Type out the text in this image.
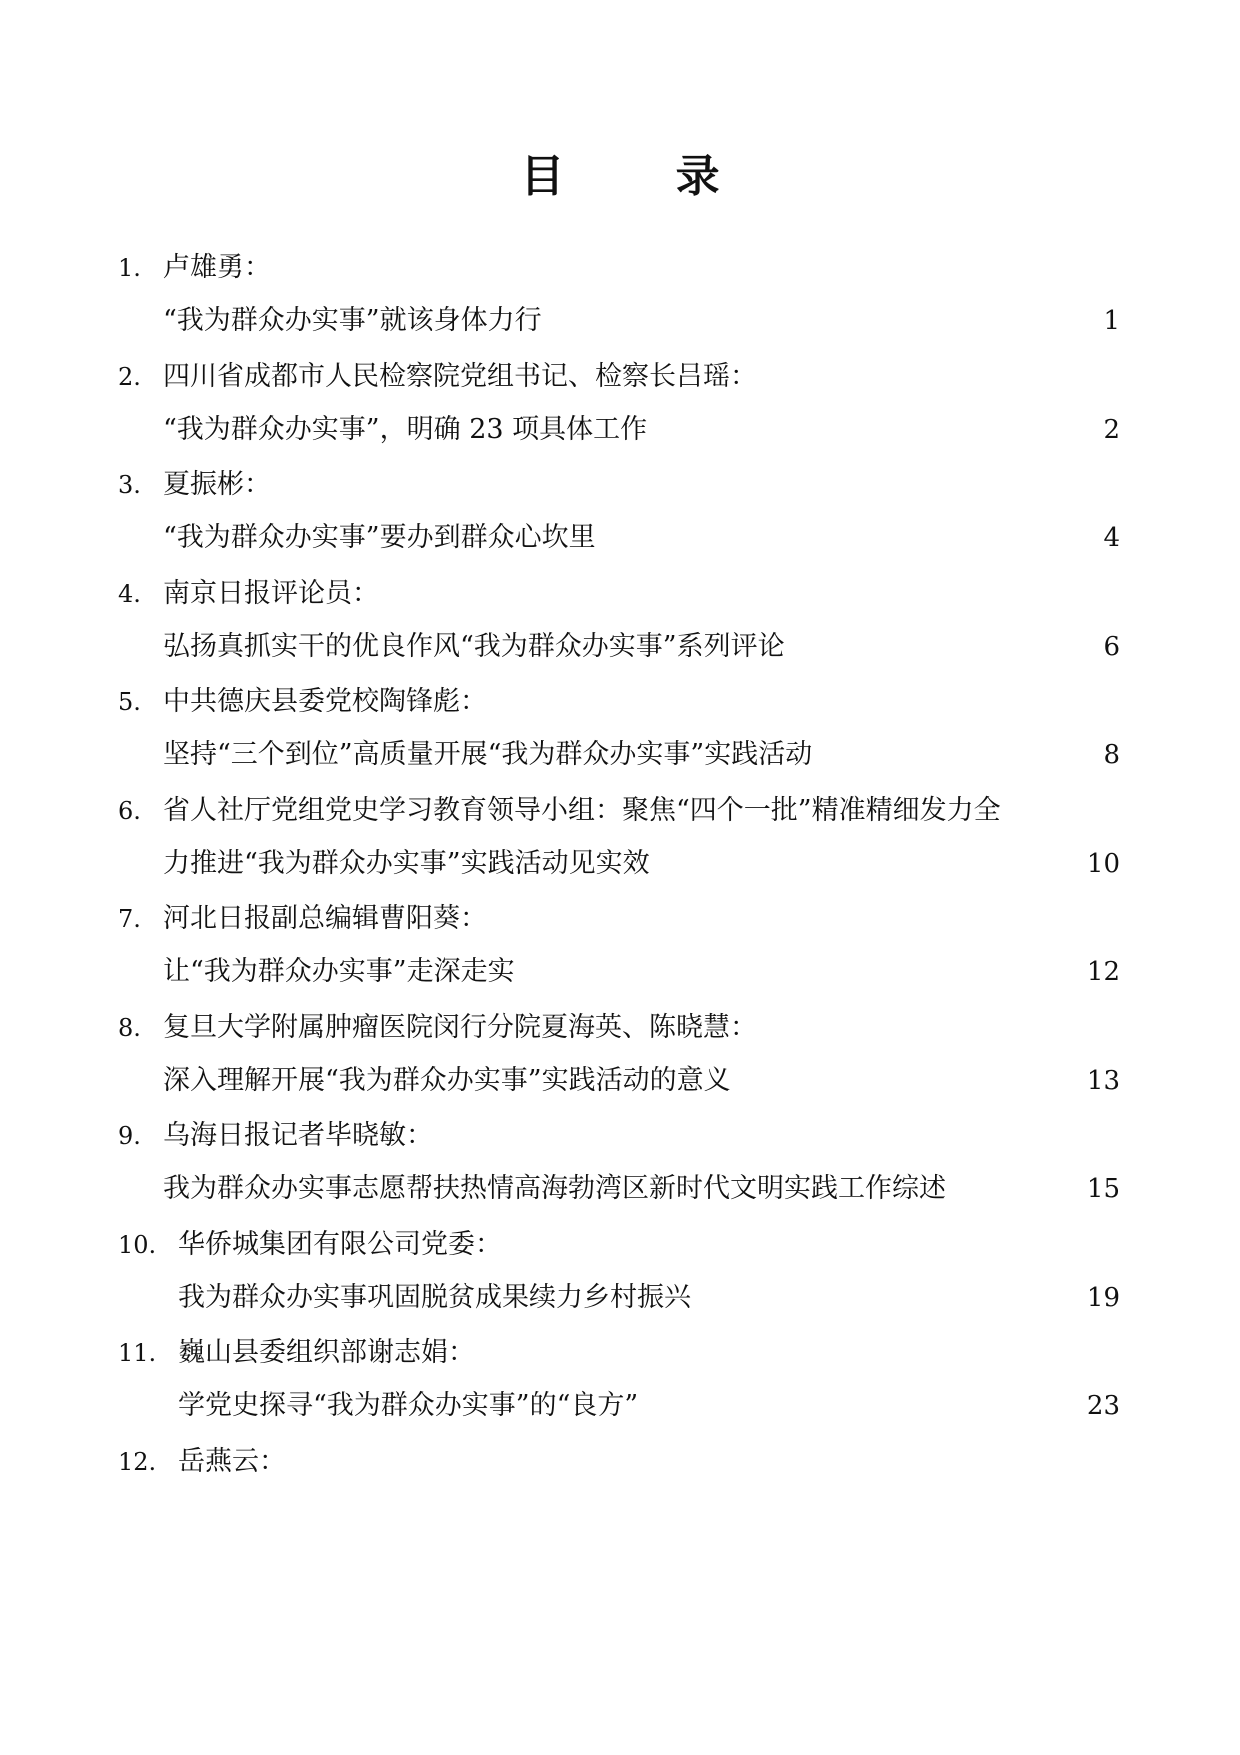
目 录
1. 卢雄勇：
“我为群众办实事”就该身体力行	1
2. 四川省成都市人民检察院党组书记、检察长吕瑶：
“我为群众办实事”，明确 23 项具体工作	2
3. 夏振彬：
“我为群众办实事”要办到群众心坎里	4
4. 南京日报评论员：
弘扬真抓实干的优良作风“我为群众办实事”系列评论	6
5. 中共德庆县委党校陶锋彪：
坚持“三个到位”高质量开展“我为群众办实事”实践活动	8
6. 省人社厅党组党史学习教育领导小组：聚焦“四个一批”精准精细发力全
力推进“我为群众办实事”实践活动见实效	10
7. 河北日报副总编辑曹阳葵：
让“我为群众办实事”走深走实	12
8. 复旦大学附属肿瘤医院闵行分院夏海英、陈晓慧：
深入理解开展“我为群众办实事”实践活动的意义	13
9. 乌海日报记者毕晓敏：
我为群众办实事志愿帮扶热情高海勃湾区新时代文明实践工作综述	15
10. 华侨城集团有限公司党委：
我为群众办实事巩固脱贫成果续力乡村振兴	19
11. 巍山县委组织部谢志娟：
学党史探寻“我为群众办实事”的“良方”	23
12. 岳燕云：
